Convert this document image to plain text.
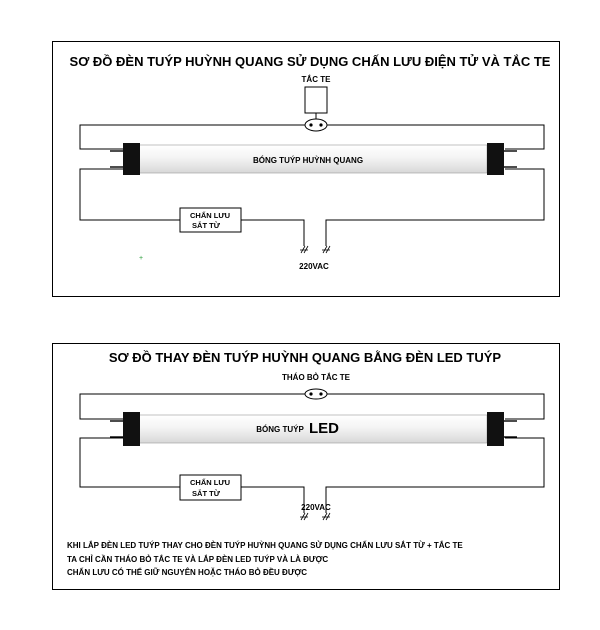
SƠ ĐỒ ĐÈN TUÝP HUỲNH QUANG SỬ DỤNG CHẤN LƯU ĐIỆN TỬ VÀ TẮC TE
TẮC TE
BÓNG TUÝP HUỲNH QUANG
CHẤN LƯU
SẮT TỪ
220VAC
+
SƠ ĐỒ THAY ĐÈN TUÝP HUỲNH QUANG BẰNG ĐÈN LED TUÝP
THÁO BỎ TẮC TE
BÓNG TUÝP LED
CHẤN LƯU
SẮT TỪ
220VAC
KHI LẮP ĐÈN LED TUÝP THAY CHO ĐÈN TUÝP HUỲNH QUANG SỬ DỤNG CHẤN LƯU SẮT TỪ + TẮC TE
TA CHỈ CẦN THÁO BỎ TẮC TE VÀ LẮP ĐÈN LED TUÝP VÀ LÀ ĐƯỢC
CHẤN LƯU CÓ THỂ GIỮ NGUYÊN HOẶC THÁO BỎ ĐỀU ĐƯỢC
